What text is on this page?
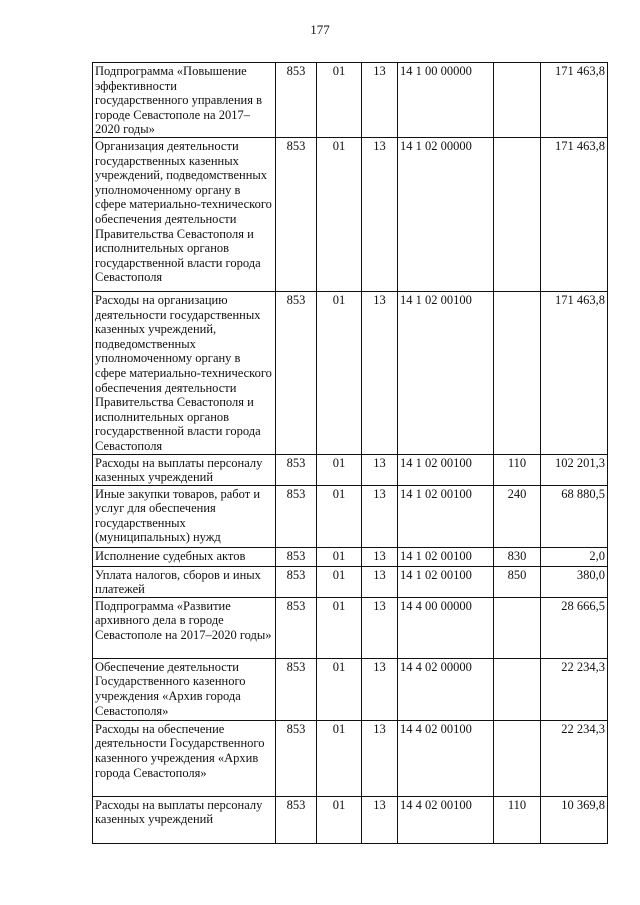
177
Подпрограмма «Повышение эффективности государственного управления в городе Севастополе на 2017–2020 годы»	853	01	13	14 1 00 00000		171 463,8
Организация деятельности государственных казенных учреждений, подведомственных уполномоченному органу в сфере материально-технического обеспечения деятельности Правительства Севастополя и исполнительных органов государственной власти города Севастополя	853	01	13	14 1 02 00000		171 463,8
Расходы на организацию деятельности государственных казенных учреждений, подведомственных уполномоченному органу в сфере материально-технического обеспечения деятельности Правительства Севастополя и исполнительных органов государственной власти города Севастополя	853	01	13	14 1 02 00100		171 463,8
Расходы на выплаты персоналу казенных учреждений	853	01	13	14 1 02 00100	110	102 201,3
Иные закупки товаров, работ и услуг для обеспечения государственных (муниципальных) нужд	853	01	13	14 1 02 00100	240	68 880,5
Исполнение судебных актов	853	01	13	14 1 02 00100	830	2,0
Уплата налогов, сборов и иных платежей	853	01	13	14 1 02 00100	850	380,0
Подпрограмма «Развитие архивного дела в городе Севастополе на 2017–2020 годы»	853	01	13	14 4 00 00000		28 666,5
Обеспечение деятельности Государственного казенного учреждения «Архив города Севастополя»	853	01	13	14 4 02 00000		22 234,3
Расходы на обеспечение деятельности Государственного казенного учреждения «Архив города Севастополя»	853	01	13	14 4 02 00100		22 234,3
Расходы на выплаты персоналу казенных учреждений	853	01	13	14 4 02 00100	110	10 369,8
